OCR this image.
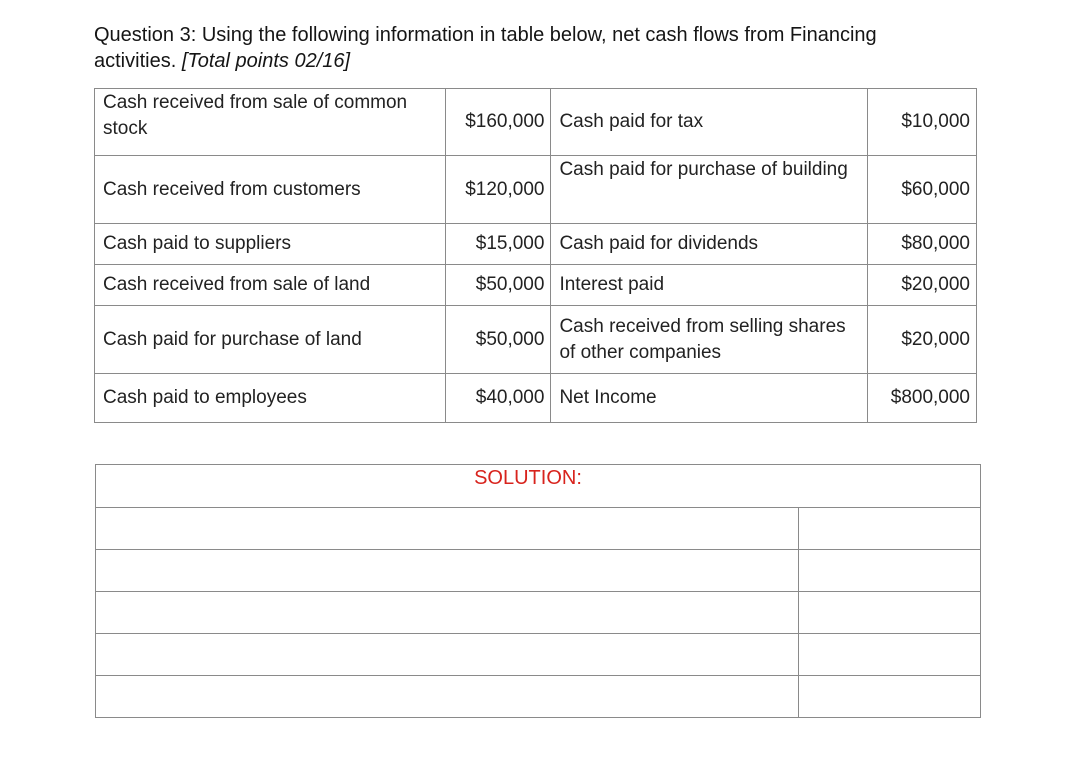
Question 3: Using the following information in table below, net cash flows from Financing
activities. [Total points 02/16]
Cash received from sale of common stock	$160,000	Cash paid for tax	$10,000
Cash received from customers	$120,000	Cash paid for purchase of building	$60,000
Cash paid to suppliers	$15,000	Cash paid for dividends	$80,000
Cash received from sale of land	$50,000	Interest paid	$20,000
Cash paid for purchase of land	$50,000	Cash received from selling shares of other companies	$20,000
Cash paid to employees	$40,000	Net Income	$800,000
SOLUTION:	
